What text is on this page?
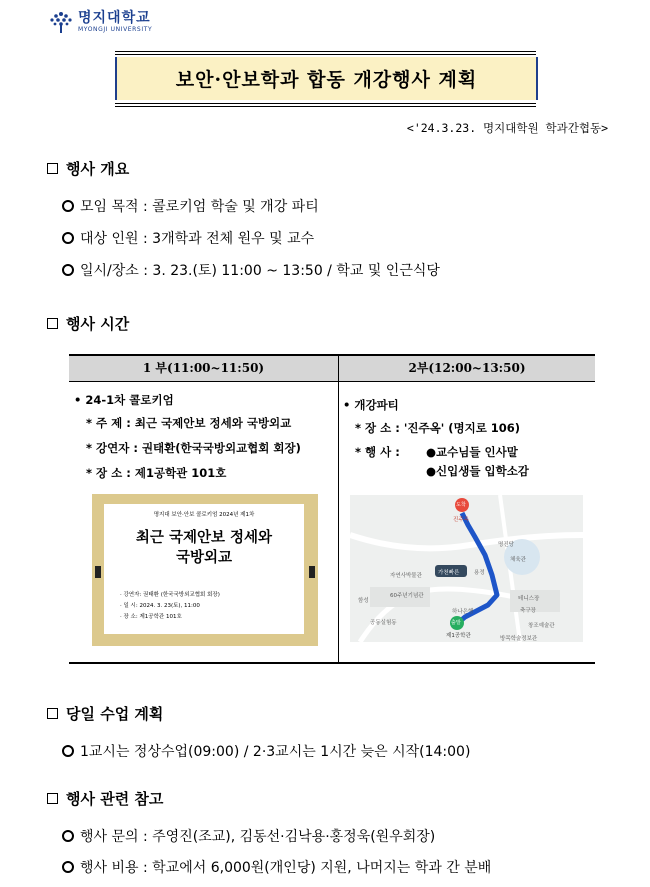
명지대학교
MYONGJI UNIVERSITY
보안·안보학과 합동 개강행사 계획
<'24.3.23. 명지대학원 학과간협동>
행사 개요
모임 목적 : 콜로키엄 학술 및 개강 파티
대상 인원 : 3개학과 전체 원우 및 교수
일시/장소 : 3. 23.(토) 11:00 ~ 13:50 / 학교 및 인근식당
행사 시간
1 부(11:00~11:50)	2부(12:00~13:50)
• 24-1차 콜로키엄
* 주 제 : 최근 국제안보 정세와 국방외교
* 강연자 : 권태환(한국국방외교협회 회장)
* 장 소 : 제1공학관 101호
명지대 보안·안보 콜로키엄 2024년 제1차
최근 국제안보 정세와
국방외교
· 강연자: 권태환 (한국국방외교협회 회장)
· 일 시: 2024. 3. 23(토), 11:00
· 장 소: 제1공학관 101호
• 개강파티
* 장 소 : '진주옥' (명지로 106)
* 행 사 : ●교수님들 인사말
●신입생들 입학소감
도착
진주옥
출발
제1공학관
자연사박물관
60주년기념관
함성
가천빠른	용정
테니스장
축구장
체육관
공동실험동
하나은행
방목학술정보관
명진당
창조예술관
당일 수업 계획
1교시는 정상수업(09:00) / 2·3교시는 1시간 늦은 시작(14:00)
행사 관련 참고
행사 문의 : 주영진(조교), 김동선·김낙용·홍정욱(원우회장)
행사 비용 : 학교에서 6,000원(개인당) 지원, 나머지는 학과 간 분배
